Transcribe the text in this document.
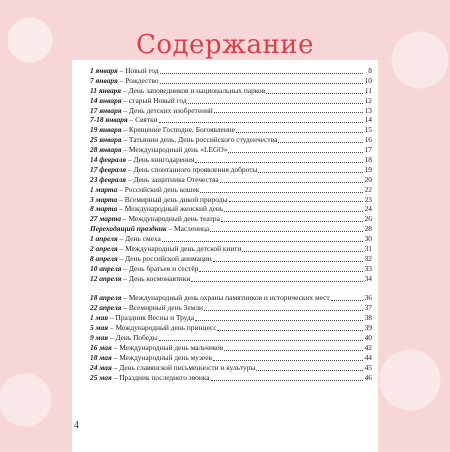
Содержание
1 января – Новый год	8
7 января – Рождество	10
11 января – День заповедников и национальных парков	11
14 января – старый Новый год	12
17 января – День детских изобретений	13
7-18 января – Святки	14
19 января – Крещение Господне, Богоявление	15
25 января – Татьянин день, День российского студенчества	16
28 января – Международный день «LEGO»	17
14 февраля – День книгодарения	18
17 февраля – День спонтанного проявления доброты	19
23 февраля – День защитника Отечества	20
1 марта – Российский день кошек	22
3 марта – Всемирный день дикой природы	23
8 марта – Международный женский день	24
27 марта – Международный день театра	26
Переходящий праздник – Масленица	28
1 апреля – День смеха	30
2 апреля – Международный день детской книги	31
8 апреля – День российской анимации	32
10 апреля – День братьев и сестёр	33
12 апреля – День космонавтики	34
18 апреля – Международный день охраны памятников и исторических мест	36
22 апреля – Всемирный день Земли	37
1 мая – Праздник Весны и Труда	38
5 мая – Международный день принцесс	39
9 мая – День Победы	40
16 мая – Международный день мальчиков	42
18 мая – Международный день музеев	44
24 мая – День славянской письменности и культуры	45
25 мая – Праздник последнего звонка	46
4
